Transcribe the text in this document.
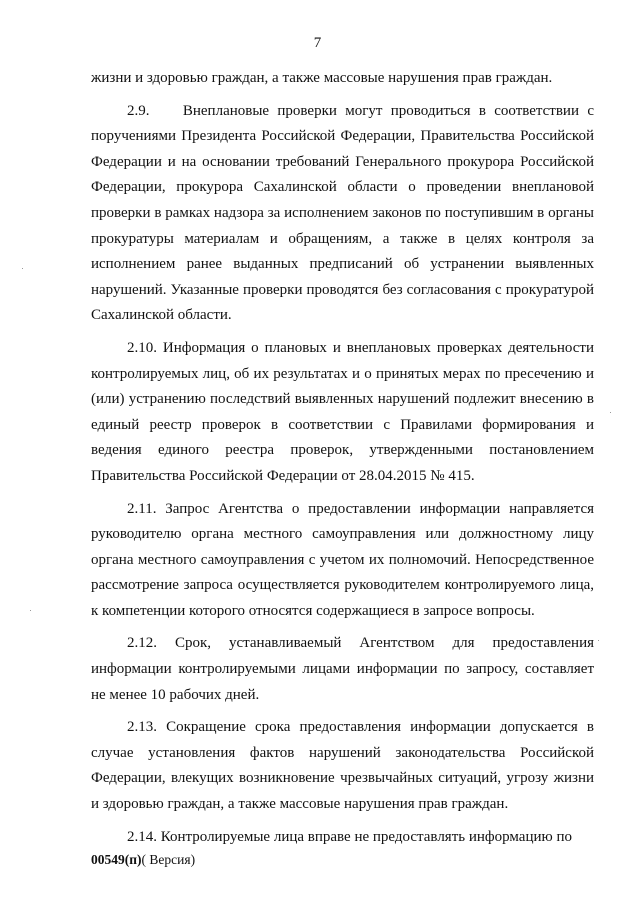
7

жизни и здоровью граждан, а также массовые нарушения прав граждан.

2.9.    Внеплановые проверки могут проводиться в соответствии с поручениями Президента Российской Федерации, Правительства Российской Федерации и на основании требований Генерального прокурора Российской Федерации, прокурора Сахалинской области о проведении внеплановой проверки в рамках надзора за исполнением законов по поступившим в органы прокуратуры материалам и обращениям, а также в целях контроля за исполнением ранее выданных предписаний об устранении выявленных нарушений. Указанные проверки проводятся без согласования с прокуратурой Сахалинской области.

2.10. Информация о плановых и внеплановых проверках деятельности контролируемых лиц, об их результатах и о принятых мерах по пресечению и (или) устранению последствий выявленных нарушений подлежит внесению в единый реестр проверок в соответствии с Правилами формирования и ведения единого реестра проверок, утвержденными постановлением Правительства Российской Федерации от 28.04.2015 № 415.

2.11. Запрос Агентства о предоставлении информации направляется руководителю органа местного самоуправления или должностному лицу органа местного самоуправления с учетом их полномочий. Непосредственное рассмотрение запроса осуществляется руководителем контролируемого лица, к компетенции которого относятся содержащиеся в запросе вопросы.

2.12. Срок, устанавливаемый Агентством для предоставления информации контролируемыми лицами информации по запросу, составляет не менее 10 рабочих дней.

2.13. Сокращение срока предоставления информации допускается в случае установления фактов нарушений законодательства Российской Федерации, влекущих возникновение чрезвычайных ситуаций, угрозу жизни и здоровью граждан, а также массовые нарушения прав граждан.

2.14. Контролируемые лица вправе не предоставлять информацию по

00549(п)( Версия)
